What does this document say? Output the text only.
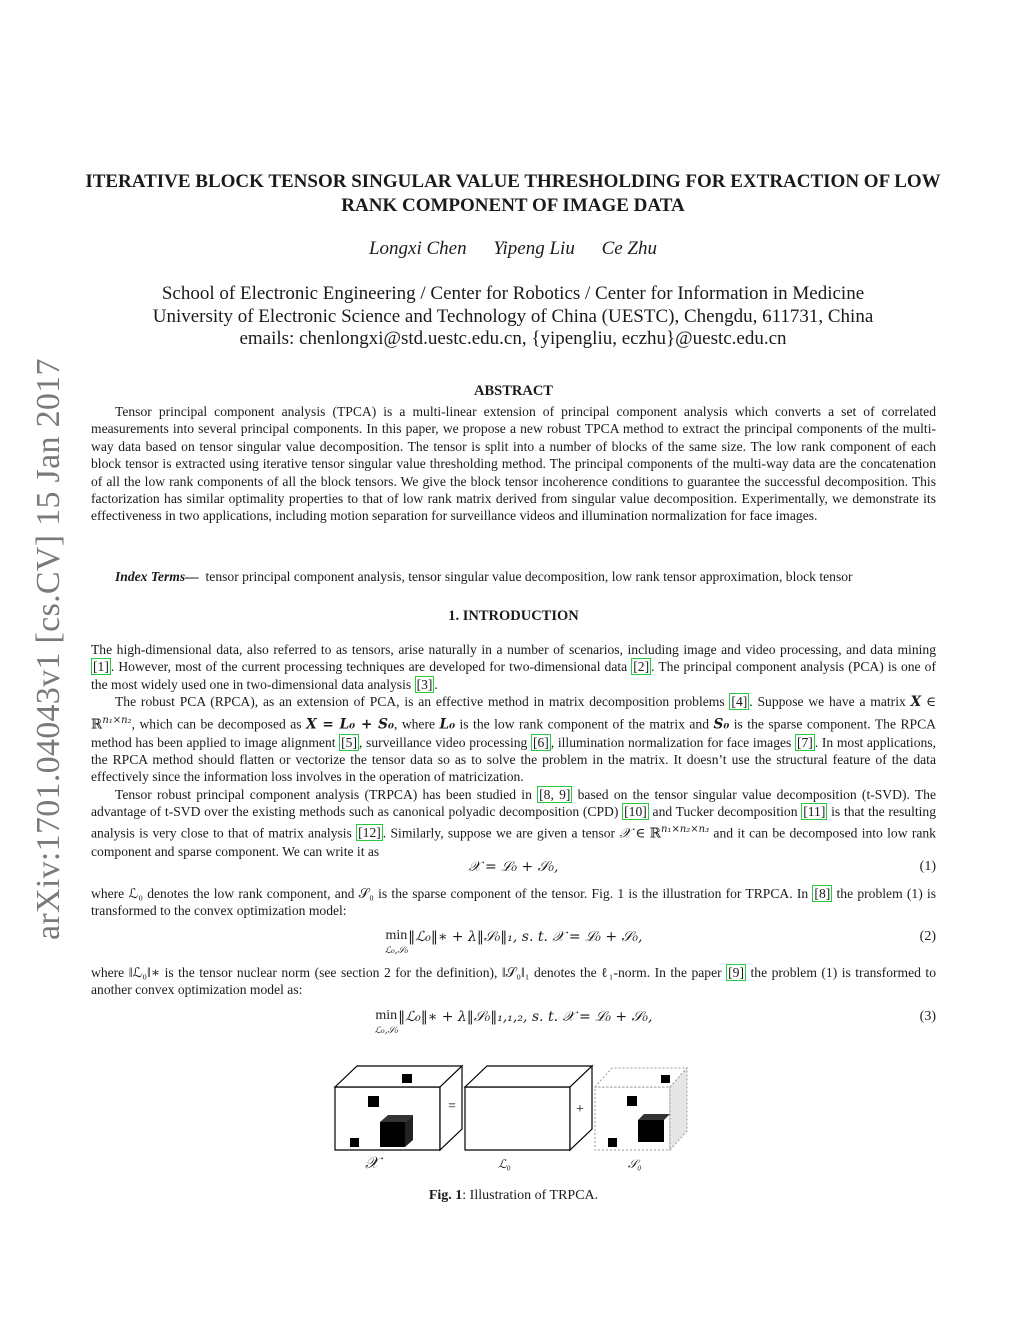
arXiv:1701.04043v1 [cs.CV] 15 Jan 2017
ITERATIVE BLOCK TENSOR SINGULAR VALUE THRESHOLDING FOR EXTRACTION OF LOW RANK COMPONENT OF IMAGE DATA
Longxi Chen Yipeng Liu Ce Zhu
School of Electronic Engineering / Center for Robotics / Center for Information in Medicine
University of Electronic Science and Technology of China (UESTC), Chengdu, 611731, China
emails: chenlongxi@std.uestc.edu.cn, {yipengliu, eczhu}@uestc.edu.cn
ABSTRACT

Tensor principal component analysis (TPCA) is a multi-linear extension of principal component analysis which converts a set of correlated measurements into several principal components. In this paper, we propose a new robust TPCA method to extract the principal components of the multi-way data based on tensor singular value decomposition. The tensor is split into a number of blocks of the same size. The low rank component of each block tensor is extracted using iterative tensor singular value thresholding method. The principal components of the multi-way data are the concatenation of all the low rank components of all the block tensors. We give the block tensor incoherence conditions to guarantee the successful decomposition. This factorization has similar optimality properties to that of low rank matrix derived from singular value decomposition. Experimentally, we demonstrate its effectiveness in two applications, including motion separation for surveillance videos and illumination normalization for face images.

Index Terms— tensor principal component analysis, tensor singular value decomposition, low rank tensor approximation, block tensor

1. INTRODUCTION

The high-dimensional data, also referred to as tensors, arise naturally in a number of scenarios, including image and video processing, and data mining [1] . However, most of the current processing techniques are developed for two-dimensional data [2] . The principal component analysis (PCA) is one of the most widely used one in two-dimensional data analysis [3] .

The robust PCA (RPCA), as an extension of PCA, is an effective method in matrix decomposition problems [4] . Suppose we have a matrix X ∈ ℝ$^{n_1\times n_2}$, which can be decomposed as X = L₀ + S₀, where L₀ is the low rank component of the matrix and S₀ is the sparse component. The RPCA method has been applied to image alignment [5] , surveillance video processing [6] , illumination normalization for face images [7] . In most applications, the RPCA method should flatten or vectorize the tensor data so as to solve the problem in the matrix. It doesn’t use the structural feature of the data effectively since the information loss involves in the operation of matricization.

Tensor robust principal component analysis (TRPCA) has been studied in [8, 9] based on the tensor singular value decomposition (t-SVD). The advantage of t-SVD over the existing methods such as canonical polyadic decomposition (CPD) [10] and Tucker decomposition [11] is that the resulting analysis is very close to that of matrix analysis [12] . Similarly, suppose we are given a tensor 𝒳 ∈ ℝ$^{n_1\times n_2\times n_3}$ and it can be decomposed into low rank component and sparse component. We can write it as

𝒳 = ℒ₀ + 𝒮₀,	(1)

where ℒ₀ denotes the low rank component, and 𝒮₀ is the sparse component of the tensor. Fig. 1 is the illustration for TRPCA. In [8] the problem (1) is transformed to the convex optimization model:

min
ℒ₀,𝒮₀‖ℒ₀‖∗ + λ‖𝒮₀‖₁, s. t. 𝒳 = ℒ₀ + 𝒮₀,	(2)

where ‖ℒ₀‖∗ is the tensor nuclear norm (see section 2 for the definition), ‖𝒮₀‖₁ denotes the ℓ₁-norm. In the paper [9] the problem (1) is transformed to another convex optimization model as:

min
ℒ₀,𝒮₀‖ℒ₀‖∗ + λ‖𝒮₀‖₁,₁,₂, s. t. 𝒳 = ℒ₀ + 𝒮₀,	(3)
=	+
𝒳	ℒ₀	𝒮₀
Fig. 1: Illustration of TRPCA.
